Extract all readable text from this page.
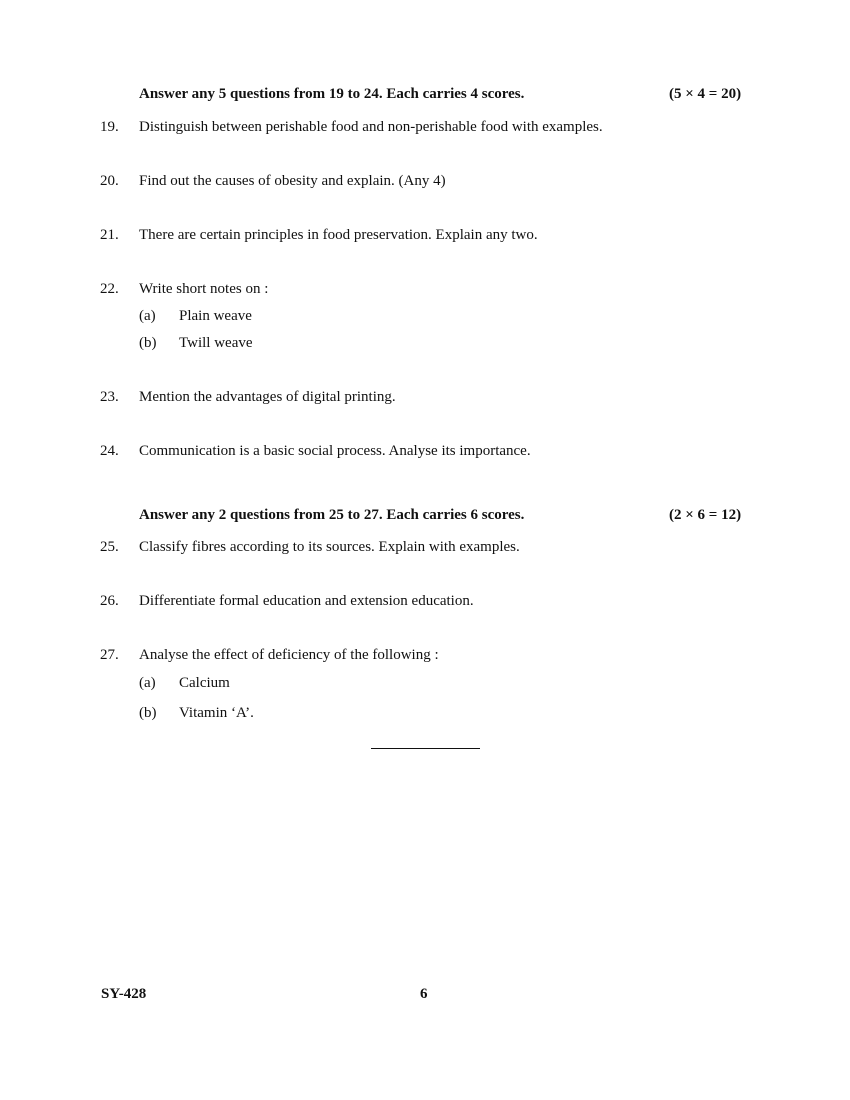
Answer any 5 questions from 19 to 24. Each carries 4 scores.	(5 × 4 = 20)
19. Distinguish between perishable food and non-perishable food with examples.
20. Find out the causes of obesity and explain. (Any 4)
21. There are certain principles in food preservation. Explain any two.
22. Write short notes on :
(a) Plain weave
(b) Twill weave
23. Mention the advantages of digital printing.
24. Communication is a basic social process. Analyse its importance.
Answer any 2 questions from 25 to 27. Each carries 6 scores.	(2 × 6 = 12)
25. Classify fibres according to its sources. Explain with examples.
26. Differentiate formal education and extension education.
27. Analyse the effect of deficiency of the following :
(a) Calcium
(b) Vitamin ‘A’.
SY-428	6
